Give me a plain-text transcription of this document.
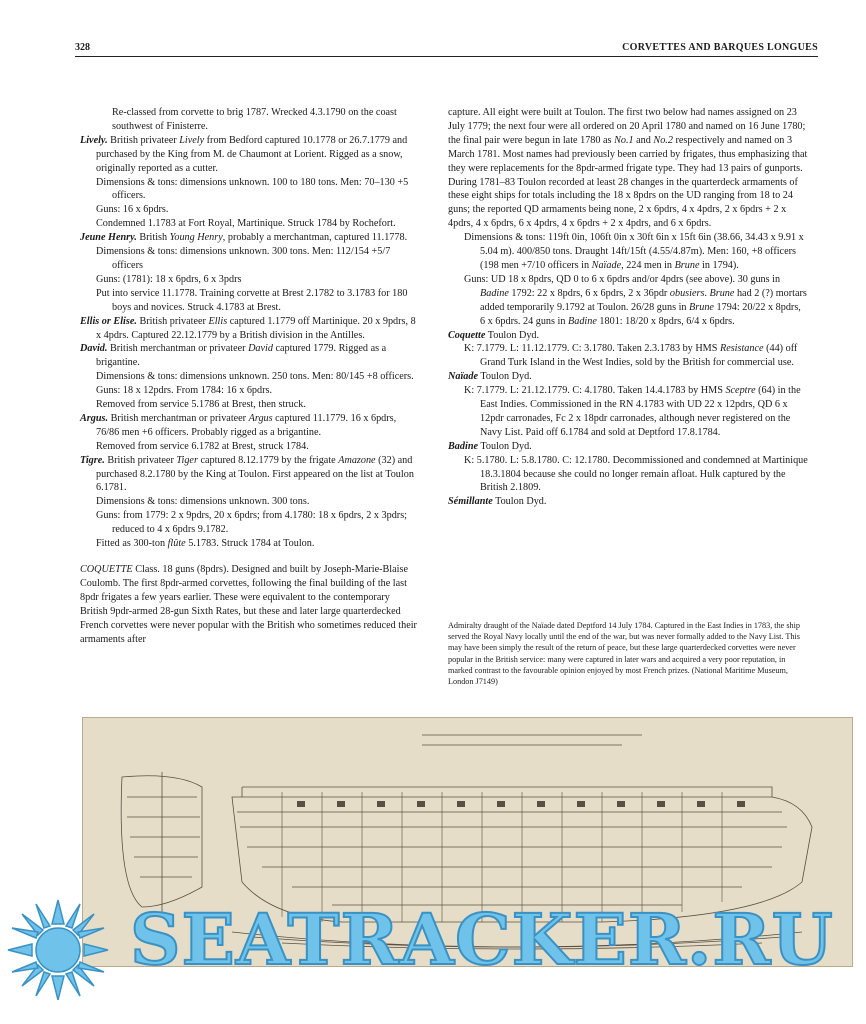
328	CORVETTES AND BARQUES LONGUES

Re-classed from corvette to brig 1787. Wrecked 4.3.1790 on the coast southwest of Finisterre.

Lively. British privateer Lively from Bedford captured 10.1778 or 26.7.1779 and purchased by the King from M. de Chaumont at Lorient. Rigged as a snow, originally reported as a cutter.

Dimensions & tons: dimensions unknown. 100 to 180 tons. Men: 70–130 +5 officers.

Guns: 16 x 6pdrs.

Condemned 1.1783 at Fort Royal, Martinique. Struck 1784 by Rochefort.

Jeune Henry. British Young Henry, probably a merchantman, captured 11.1778.

Dimensions & tons: dimensions unknown. 300 tons. Men: 112/154 +5/7 officers

Guns: (1781): 18 x 6pdrs, 6 x 3pdrs

Put into service 11.1778. Training corvette at Brest 2.1782 to 3.1783 for 180 boys and novices. Struck 4.1783 at Brest.

Ellis or Elise. British privateer Ellis captured 1.1779 off Martinique. 20 x 9pdrs, 8 x 4pdrs. Captured 22.12.1779 by a British division in the Antilles.

David. British merchantman or privateer David captured 1779. Rigged as a brigantine.

Dimensions & tons: dimensions unknown. 250 tons. Men: 80/145 +8 officers.

Guns: 18 x 12pdrs. From 1784: 16 x 6pdrs.

Removed from service 5.1786 at Brest, then struck.

Argus. British merchantman or privateer Argus captured 11.1779. 16 x 6pdrs, 76/86 men +6 officers. Probably rigged as a brigantine.

Removed from service 6.1782 at Brest, struck 1784.

Tigre. British privateer Tiger captured 8.12.1779 by the frigate Amazone (32) and purchased 8.2.1780 by the King at Toulon. First appeared on the list at Toulon 6.1781.

Dimensions & tons: dimensions unknown. 300 tons.

Guns: from 1779: 2 x 9pdrs, 20 x 6pdrs; from 4.1780: 18 x 6pdrs, 2 x 3pdrs; reduced to 4 x 6pdrs 9.1782.

Fitted as 300-ton flûte 5.1783. Struck 1784 at Toulon.

COQUETTE Class. 18 guns (8pdrs). Designed and built by Joseph-Marie-Blaise Coulomb. The first 8pdr-armed corvettes, following the final building of the last 8pdr frigates a few years earlier. These were equivalent to the contemporary British 9pdr-armed 28-gun Sixth Rates, but these and later large quarterdecked French corvettes were never popular with the British who sometimes reduced their armaments after

capture. All eight were built at Toulon. The first two below had names assigned on 23 July 1779; the next four were all ordered on 20 April 1780 and named on 16 June 1780; the final pair were begun in late 1780 as No.1 and No.2 respectively and named on 3 March 1781. Most names had previously been carried by frigates, thus emphasizing that they were replacements for the 8pdr-armed frigate type. They had 13 pairs of gunports. During 1781–83 Toulon recorded at least 28 changes in the quarterdeck armaments of these eight ships for totals including the 18 x 8pdrs on the UD ranging from 18 to 24 guns; the reported QD armaments being none, 2 x 6pdrs, 4 x 4pdrs, 2 x 6pdrs + 2 x 4pdrs, 4 x 6pdrs, 6 x 4pdrs, 4 x 6pdrs + 2 x 4pdrs, and 6 x 6pdrs.

Dimensions & tons: 119ft 0in, 106ft 0in x 30ft 6in x 15ft 6in (38.66, 34.43 x 9.91 x 5.04 m). 400/850 tons. Draught 14ft/15ft (4.55/4.87m). Men: 160, +8 officers (198 men +7/10 officers in Naïade, 224 men in Brune in 1794).

Guns: UD 18 x 8pdrs, QD 0 to 6 x 6pdrs and/or 4pdrs (see above). 30 guns in Badine 1792: 22 x 8pdrs, 6 x 6pdrs, 2 x 36pdr obusiers. Brune had 2 (?) mortars added temporarily 9.1792 at Toulon. 26/28 guns in Brune 1794: 20/22 x 8pdrs, 6 x 6pdrs. 24 guns in Badine 1801: 18/20 x 8pdrs, 6/4 x 6pdrs.

Coquette Toulon Dyd.

K: 7.1779. L: 11.12.1779. C: 3.1780. Taken 2.3.1783 by HMS Resistance (44) off Grand Turk Island in the West Indies, sold by the British for commercial use.

Naïade Toulon Dyd.

K: 7.1779. L: 21.12.1779. C: 4.1780. Taken 14.4.1783 by HMS Sceptre (64) in the East Indies. Commissioned in the RN 4.1783 with UD 22 x 12pdrs, QD 6 x 12pdr carronades, Fc 2 x 18pdr carronades, although never registered on the Navy List. Paid off 6.1784 and sold at Deptford 17.8.1784.

Badine Toulon Dyd.

K: 5.1780. L: 5.8.1780. C: 12.1780. Decommissioned and condemned at Martinique 18.3.1804 because she could no longer remain afloat. Hulk captured by the British 2.1809.

Sémillante Toulon Dyd.

Admiralty draught of the Naïade dated Deptford 14 July 1784. Captured in the East Indies in 1783, the ship served the Royal Navy locally until the end of the war, but was never formally added to the Navy List. This may have been simply the result of the return of peace, but these large quarterdecked corvettes were never popular in the British service: many were captured in later wars and acquired a very poor reputation, in marked contrast to the favourable opinion enjoyed by most French prizes. (National Maritime Museum, London J7149)

SEATRACKER.RU
